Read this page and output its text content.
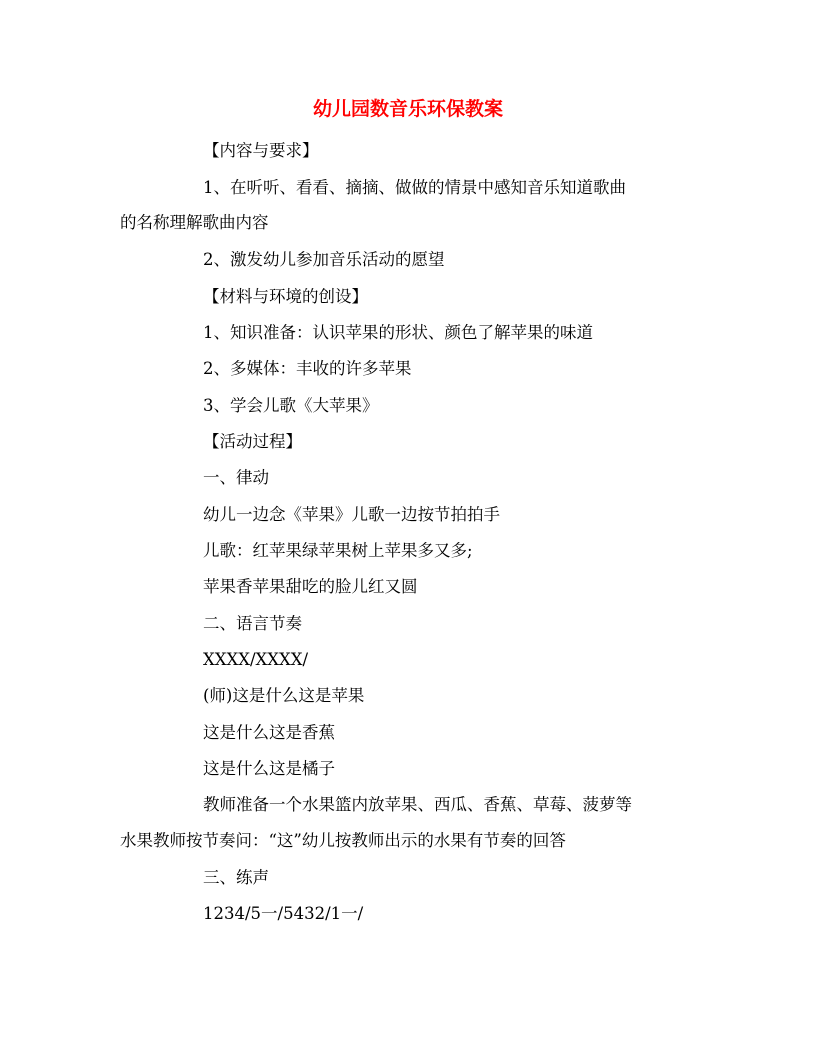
幼儿园数音乐环保教案
【内容与要求】
1、在听听、看看、摘摘、做做的情景中感知音乐知道歌曲
的名称理解歌曲内容
2、激发幼儿参加音乐活动的愿望
【材料与环境的创设】
1、知识准备：认识苹果的形状、颜色了解苹果的味道
2、多媒体：丰收的许多苹果
3、学会儿歌《大苹果》
【活动过程】
一、律动
幼儿一边念《苹果》儿歌一边按节拍拍手
儿歌：红苹果绿苹果树上苹果多又多;
苹果香苹果甜吃的脸儿红又圆
二、语言节奏
XXXX/XXXX/
(师)这是什么这是苹果
这是什么这是香蕉
这是什么这是橘子
教师准备一个水果篮内放苹果、西瓜、香蕉、草莓、菠萝等
水果教师按节奏问：“这”幼儿按教师出示的水果有节奏的回答
三、练声
1234/5一/5432/1一/
